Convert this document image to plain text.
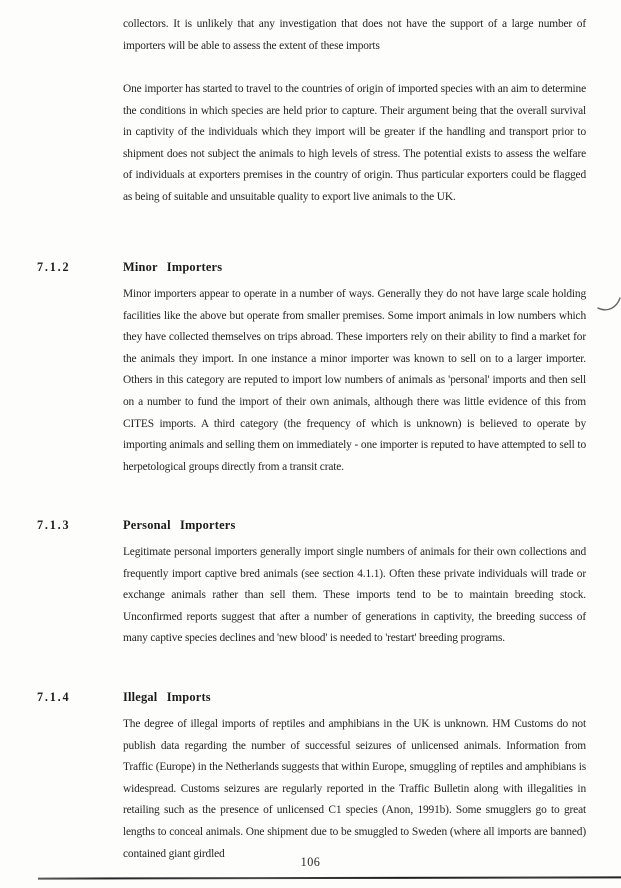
collectors. It is unlikely that any investigation that does not have the support of a large number of importers will be able to assess the extent of these imports

One importer has started to travel to the countries of origin of imported species with an aim to determine the conditions in which species are held prior to capture. Their argument being that the overall survival in captivity of the individuals which they import will be greater if the handling and transport prior to shipment does not subject the animals to high levels of stress. The potential exists to assess the welfare of individuals at exporters premises in the country of origin. Thus particular exporters could be flagged as being of suitable and unsuitable quality to export live animals to the UK.

7.1.2	Minor Importers

Minor importers appear to operate in a number of ways. Generally they do not have large scale holding facilities like the above but operate from smaller premises. Some import animals in low numbers which they have collected themselves on trips abroad. These importers rely on their ability to find a market for the animals they import. In one instance a minor importer was known to sell on to a larger importer. Others in this category are reputed to import low numbers of animals as 'personal' imports and then sell on a number to fund the import of their own animals, although there was little evidence of this from CITES imports. A third category (the frequency of which is unknown) is believed to operate by importing animals and selling them on immediately - one importer is reputed to have attempted to sell to herpetological groups directly from a transit crate.

7.1.3	Personal Importers

Legitimate personal importers generally import single numbers of animals for their own collections and frequently import captive bred animals (see section 4.1.1). Often these private individuals will trade or exchange animals rather than sell them. These imports tend to be to maintain breeding stock. Unconfirmed reports suggest that after a number of generations in captivity, the breeding success of many captive species declines and 'new blood' is needed to 'restart' breeding programs.

7.1.4	Illegal Imports

The degree of illegal imports of reptiles and amphibians in the UK is unknown. HM Customs do not publish data regarding the number of successful seizures of unlicensed animals. Information from Traffic (Europe) in the Netherlands suggests that within Europe, smuggling of reptiles and amphibians is widespread. Customs seizures are regularly reported in the Traffic Bulletin along with illegalities in retailing such as the presence of unlicensed C1 species (Anon, 1991b). Some smugglers go to great lengths to conceal animals. One shipment due to be smuggled to Sweden (where all imports are banned) contained giant girdled

106
